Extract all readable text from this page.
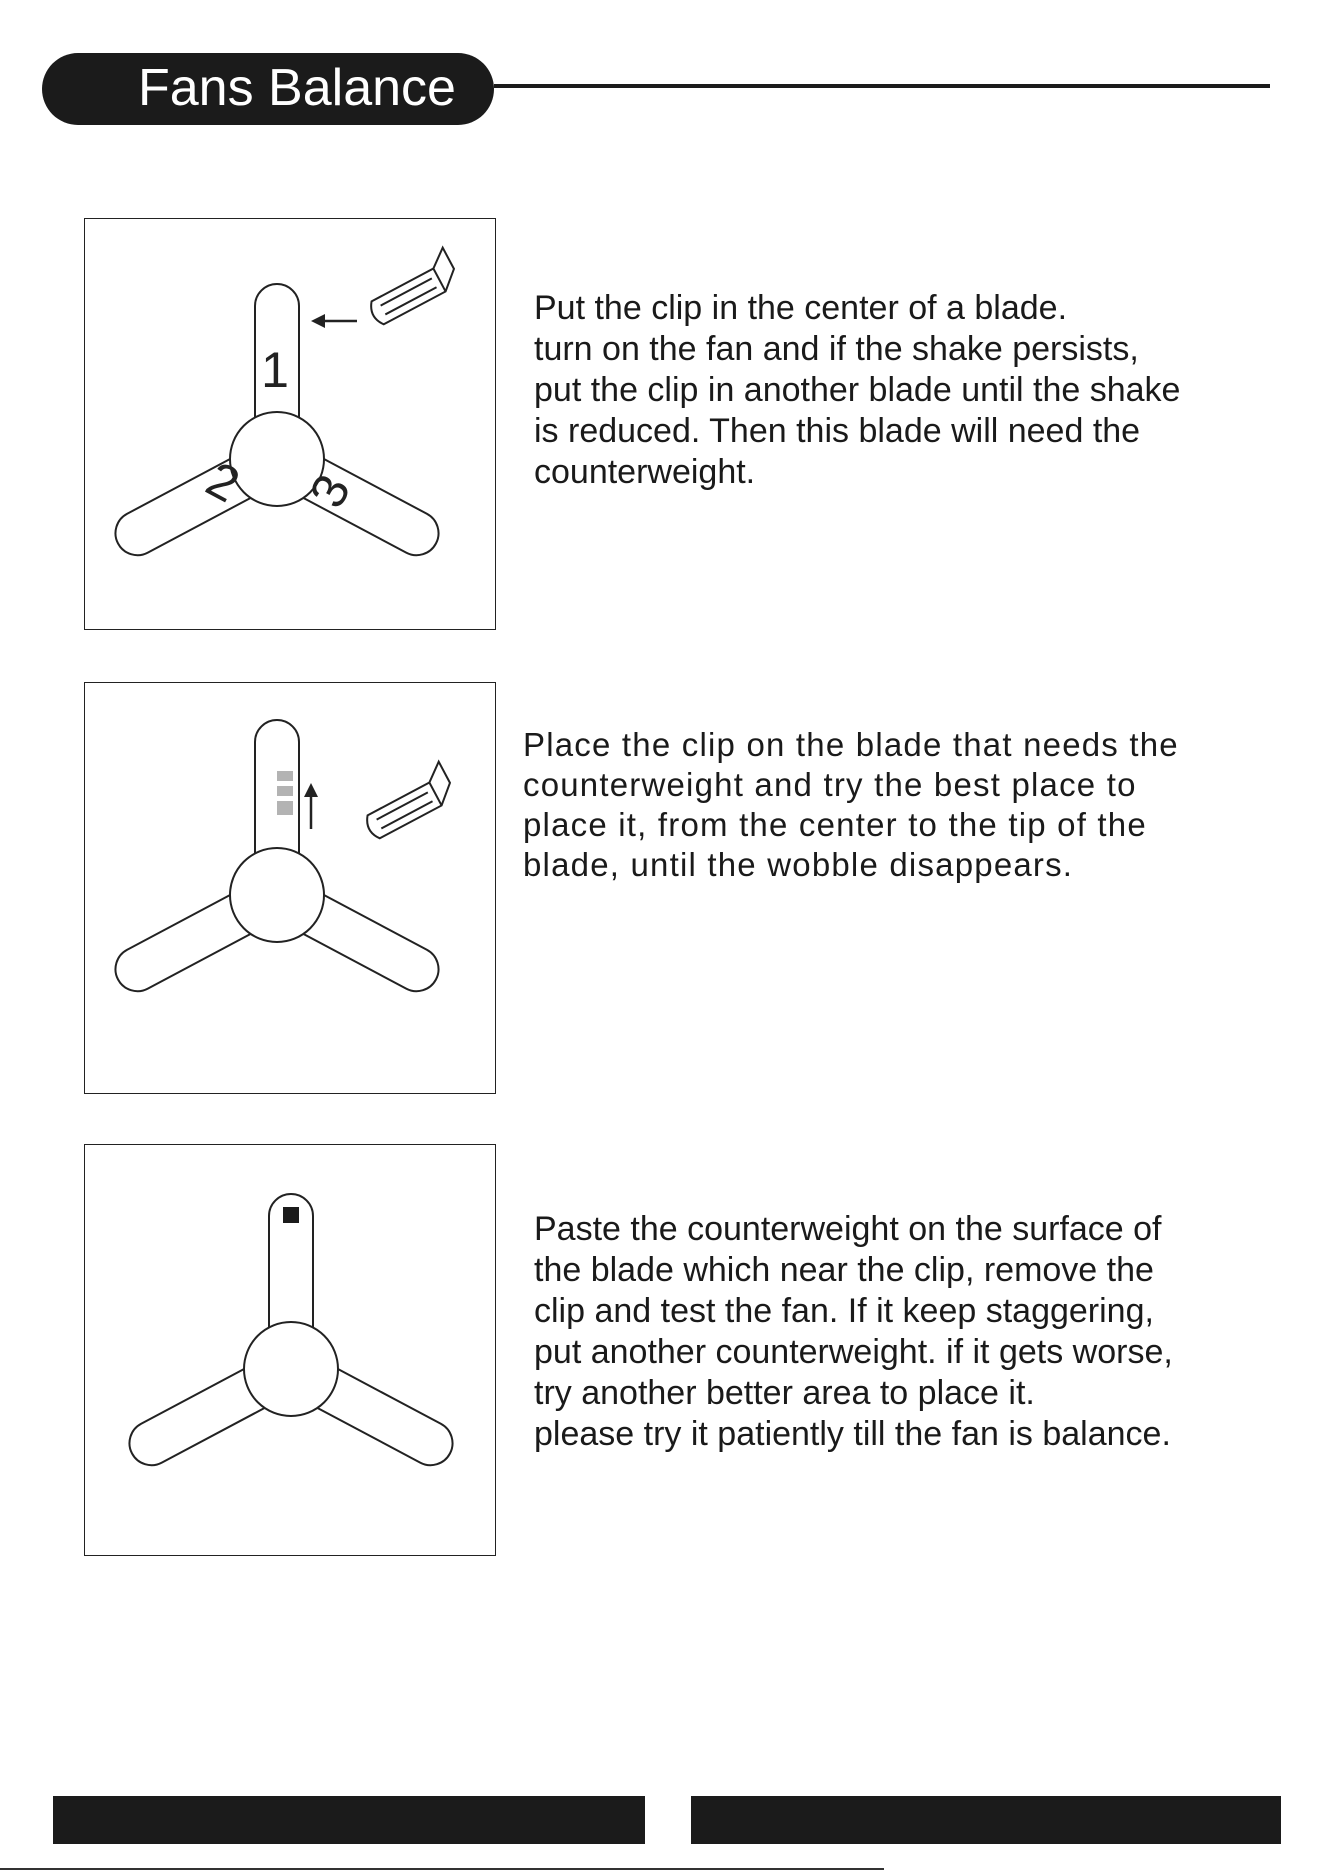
Fans Balance
1
2 3
Put the clip in the center of a blade.
turn on the fan and if the shake persists,
put the clip in another blade until the shake
is reduced. Then this blade will need the
counterweight.
Place the clip on the blade that needs the
counterweight and try the best place to
place it, from the center to the tip of the
blade, until the wobble disappears.
Paste the counterweight on the surface of
the blade which near the clip, remove the
clip and test the fan. If it keep staggering,
put another counterweight. if it gets worse,
try another better area to place it.
please try it patiently till the fan is balance.
